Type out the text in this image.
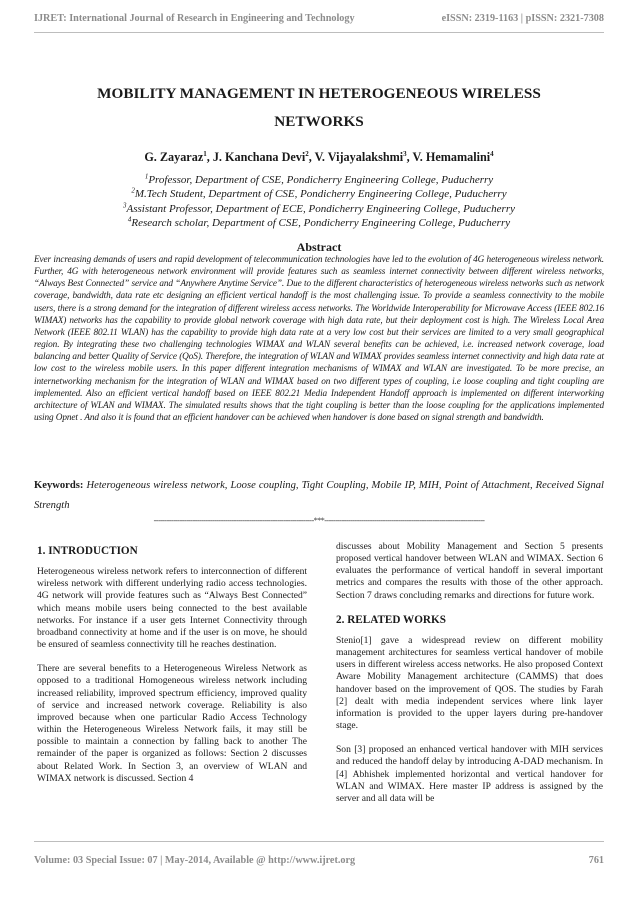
IJRET: International Journal of Research in Engineering and Technology	eISSN: 2319-1163 | pISSN: 2321-7308
MOBILITY MANAGEMENT IN HETEROGENEOUS WIRELESS
NETWORKS
G. Zayaraz$^1$, J. Kanchana Devi$^2$, V. Vijayalakshmi$^3$, V. Hemamalini$^4$
$^1$Professor, Department of CSE, Pondicherry Engineering College, Puducherry
$^2$M.Tech Student, Department of CSE, Pondicherry Engineering College, Puducherry
$^3$Assistant Professor, Department of ECE, Pondicherry Engineering College, Puducherry
$^4$Research scholar, Department of CSE, Pondicherry Engineering College, Puducherry
Abstract
Ever increasing demands of users and rapid development of telecommunication technologies have led to the evolution of 4G heterogeneous wireless network. Further, 4G with heterogeneous network environment will provide features such as seamless internet connectivity between different wireless networks, “Always Best Connected” service and “Anywhere Anytime Service”. Due to the different characteristics of heterogeneous wireless networks such as network coverage, bandwidth, data rate etc designing an efficient vertical handoff is the most challenging issue. To provide a seamless connectivity to the mobile users, there is a strong demand for the integration of different wireless access networks. The Worldwide Interoperability for Microwave Access (IEEE 802.16 WIMAX) networks has the capability to provide global network coverage with high data rate, but their deployment cost is high. The Wireless Local Area Network (IEEE 802.11 WLAN) has the capability to provide high data rate at a very low cost but their services are limited to a very small geographical region. By integrating these two challenging technologies WIMAX and WLAN several benefits can be achieved, i.e. increased network coverage, load balancing and better Quality of Service (QoS). Therefore, the integration of WLAN and WIMAX provides seamless internet connectivity and high data rate at low cost to the wireless mobile users. In this paper different integration mechanisms of WIMAX and WLAN are investigated. To be more precise, an internetworking mechanism for the integration of WLAN and WIMAX based on two different types of coupling, i.e loose coupling and tight coupling are implemented. Also an efficient vertical handoff based on IEEE 802.21 Media Independent Handoff approach is implemented on different interworking architecture of WLAN and WIMAX. The simulated results shows that the tight coupling is better than the loose coupling for the applications implemented using Opnet . And also it is found that an efficient handover can be achieved when handover is done based on signal strength and bandwidth.
Keywords: Heterogeneous wireless network, Loose coupling, Tight Coupling, Mobile IP, MIH, Point of Attachment, Received Signal Strength
--------------------------------------------------------------------------***--------------------------------------------------------------------------
1. INTRODUCTION

Heterogeneous wireless network refers to interconnection of different wireless network with different underlying radio access technologies. 4G network will provide features such as “Always Best Connected” which means mobile users being connected to the best available networks. For instance if a user gets Internet Connectivity through broadband connectivity at home and if the user is on move, he should be ensured of seamless connectivity till he reaches destination.

There are several benefits to a Heterogeneous Wireless Network as opposed to a traditional Homogeneous wireless network including increased reliability, improved spectrum efficiency, improved quality of service and increased network coverage. Reliability is also improved because when one particular Radio Access Technology within the Heterogeneous Wireless Network fails, it may still be possible to maintain a connection by falling back to another The remainder of the paper is organized as follows: Section 2 discusses about Related Work. In Section 3, an overview of WLAN and WIMAX network is discussed. Section 4

discusses about Mobility Management and Section 5 presents proposed vertical handover between WLAN and WIMAX. Section 6 evaluates the performance of vertical handoff in several important metrics and compares the results with those of the other approach. Section 7 draws concluding remarks and directions for future work.

2. RELATED WORKS

Stenio[1] gave a widespread review on different mobility management architectures for seamless vertical handover of mobile users in different wireless access networks. He also proposed Context Aware Mobility Management architecture (CAMMS) that does handover based on the improvement of QOS. The studies by Farah [2] dealt with media independent services where link layer information is provided to the upper layers during pre-handover stage.

Son [3] proposed an enhanced vertical handover with MIH services and reduced the handoff delay by introducing A-DAD mechanism. In [4] Abhishek implemented horizontal and vertical handover for WLAN and WIMAX. Here master IP address is assigned by the server and all data will be

Volume: 03 Special Issue: 07 | May-2014, Available @ http://www.ijret.org	761
